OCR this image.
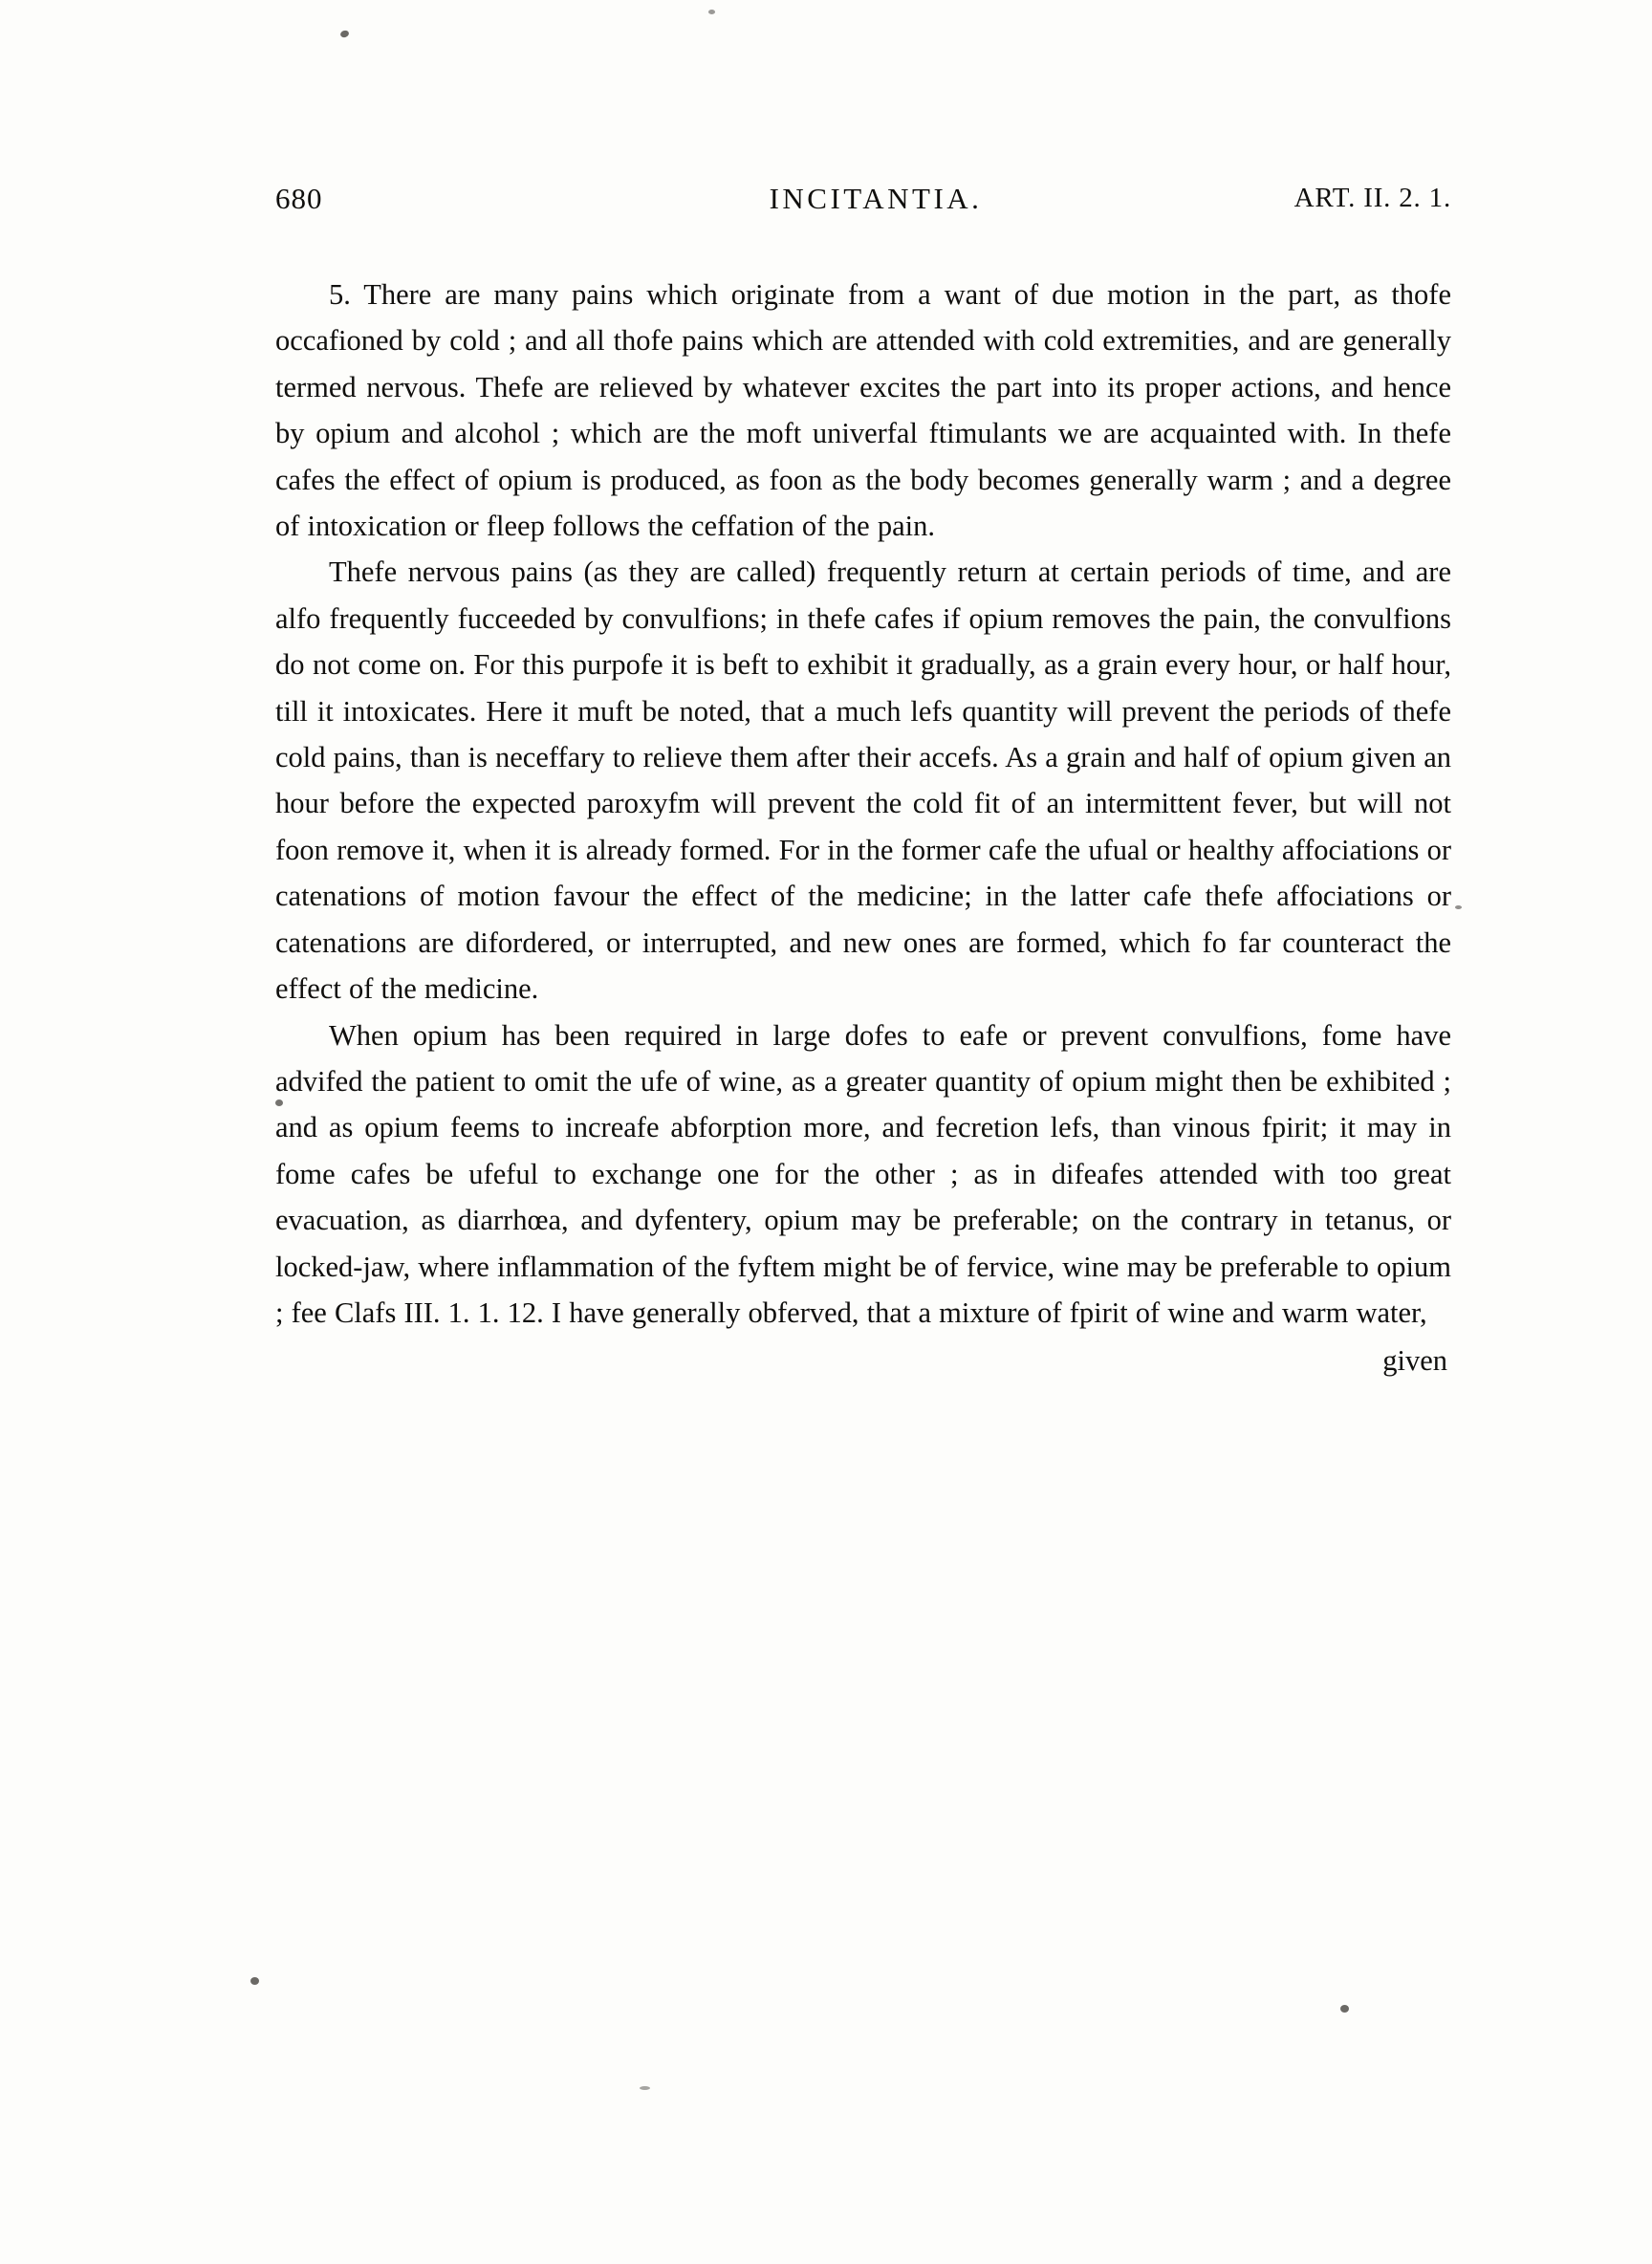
680	INCITANTIA.	ART. II. 2. 1.

5. There are many pains which originate from a want of due motion in the part, as thofe occafioned by cold ; and all thofe pains which are attended with cold extremities, and are generally termed nervous. Thefe are relieved by whatever excites the part into its proper actions, and hence by opium and alcohol ; which are the moft univerfal ftimulants we are acquainted with. In thefe cafes the effect of opium is produced, as foon as the body becomes generally warm ; and a degree of intoxication or fleep follows the ceffation of the pain.

Thefe nervous pains (as they are called) frequently return at certain periods of time, and are alfo frequently fucceeded by convulfions; in thefe cafes if opium removes the pain, the convulfions do not come on. For this purpofe it is beft to exhibit it gradually, as a grain every hour, or half hour, till it intoxicates. Here it muft be noted, that a much lefs quantity will prevent the periods of thefe cold pains, than is neceffary to relieve them after their accefs. As a grain and half of opium given an hour before the expected paroxyfm will prevent the cold fit of an intermittent fever, but will not foon remove it, when it is already formed. For in the former cafe the ufual or healthy affociations or catenations of motion favour the effect of the medicine; in the latter cafe thefe affociations or catenations are difordered, or interrupted, and new ones are formed, which fo far counteract the effect of the medicine.

When opium has been required in large dofes to eafe or prevent convulfions, fome have advifed the patient to omit the ufe of wine, as a greater quantity of opium might then be exhibited ; and as opium feems to increafe abforption more, and fecretion lefs, than vinous fpirit; it may in fome cafes be ufeful to exchange one for the other ; as in difeafes attended with too great evacuation, as diarrhœa, and dyfentery, opium may be preferable; on the contrary in tetanus, or locked-jaw, where inflammation of the fyftem might be of fervice, wine may be preferable to opium ; fee Clafs III. 1. 1. 12. I have generally obferved, that a mixture of fpirit of wine and warm water,

given
